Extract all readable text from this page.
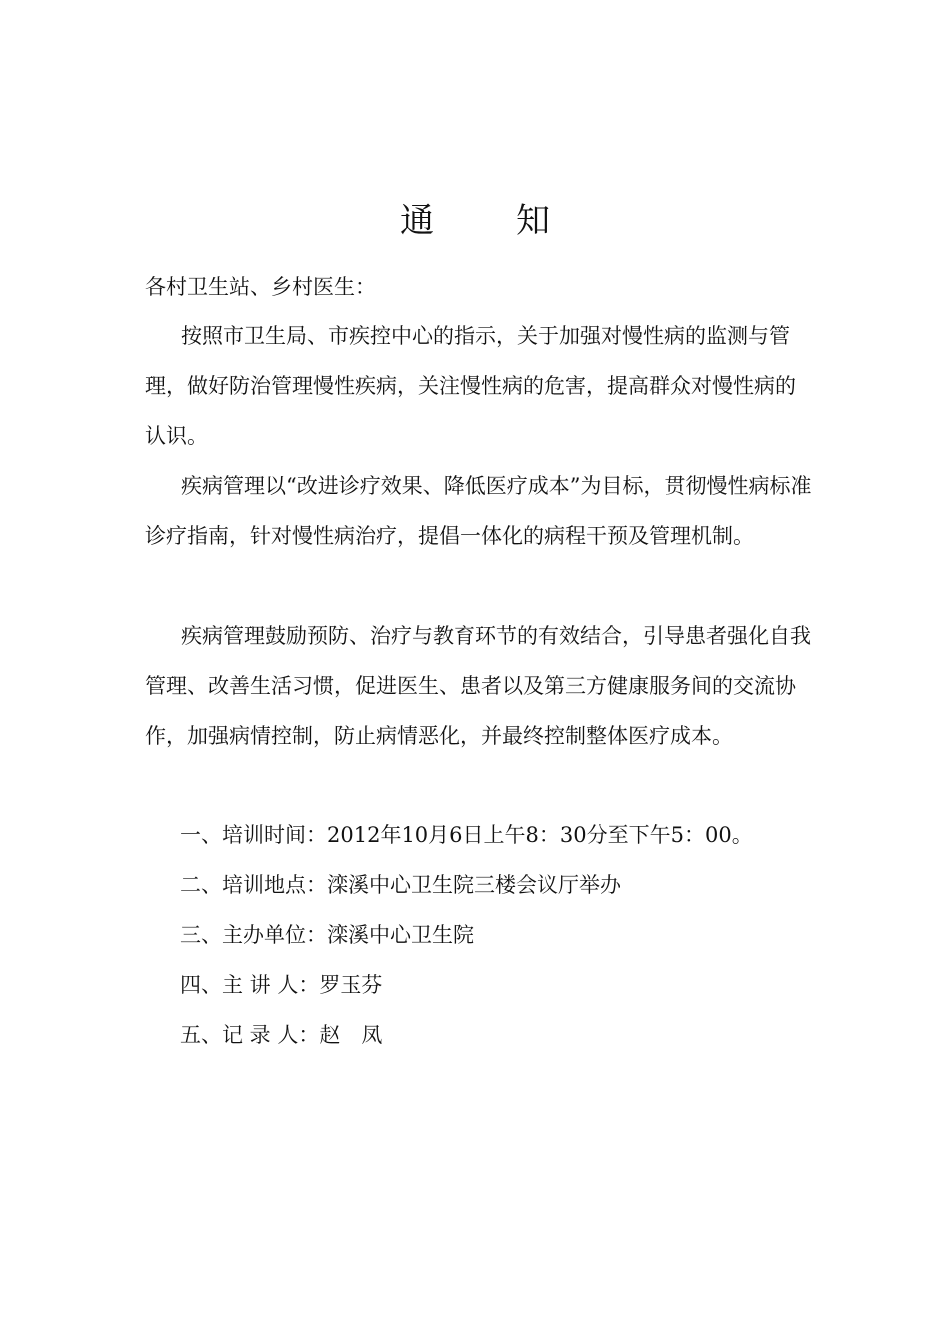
通 知
各村卫生站、乡村医生：

按照市卫生局、市疾控中心的指示，关于加强对慢性病的监测与管理，做好防治管理慢性疾病，关注慢性病的危害，提高群众对慢性病的认识。

疾病管理以“改进诊疗效果、降低医疗成本”为目标，贯彻慢性病标准诊疗指南，针对慢性病治疗，提倡一体化的病程干预及管理机制。

疾病管理鼓励预防、治疗与教育环节的有效结合，引导患者强化自我管理、改善生活习惯，促进医生、患者以及第三方健康服务间的交流协作，加强病情控制，防止病情恶化，并最终控制整体医疗成本。

一、培训时间：2012年10月6日上午8：30分至下午5：00。
二、培训地点：滦溪中心卫生院三楼会议厅举办
三、主办单位：滦溪中心卫生院
四、主 讲 人：罗玉芬
五、记 录 人：赵　凤
